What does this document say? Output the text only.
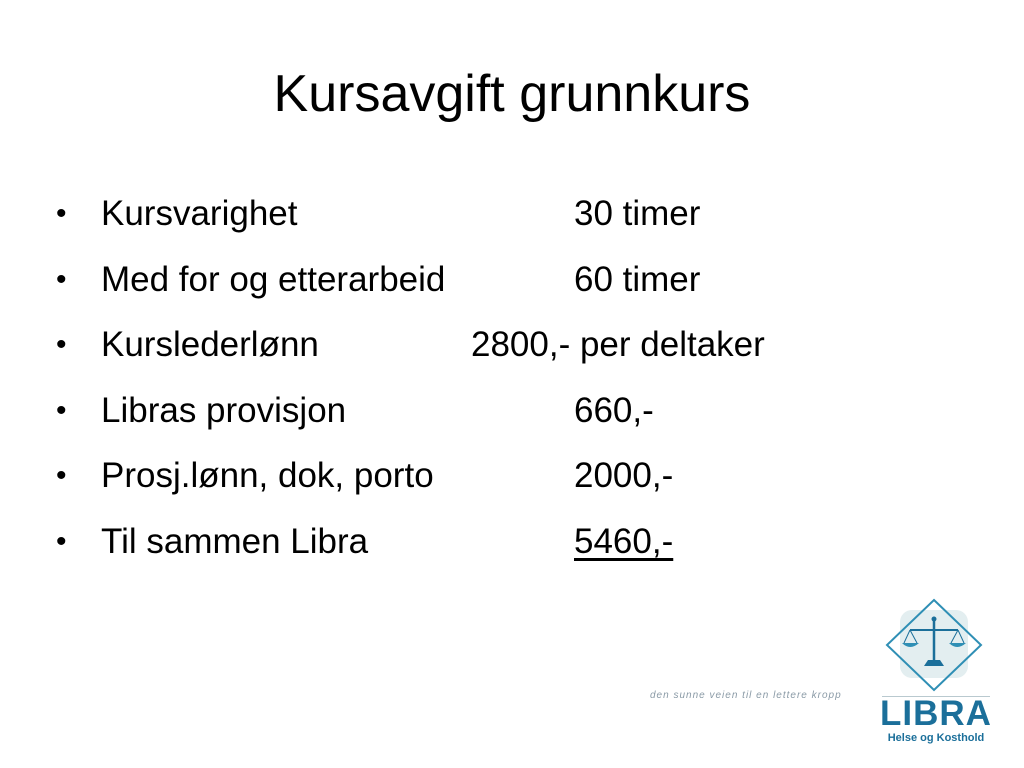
Kursavgift grunnkurs
• Kursvarighet	30 timer
• Med for og etterarbeid	60 timer
• Kurslederlønn	2800,- per deltaker
• Libras provisjon	660,-
• Prosj.lønn, dok, porto	2000,-
• Til sammen Libra	5460,-
den sunne veien til en lettere kropp LIBRA
Helse og Kosthold
